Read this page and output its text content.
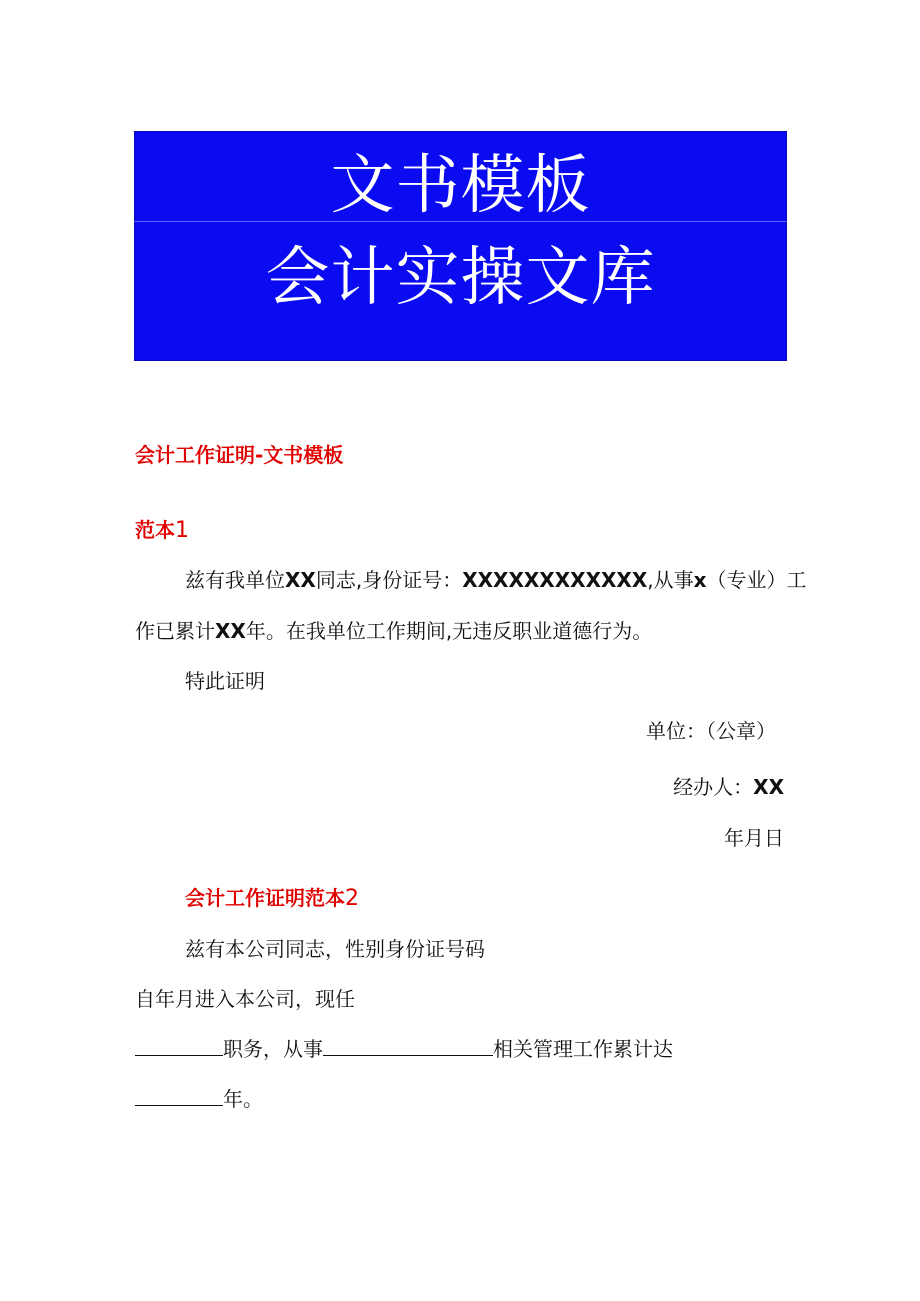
文书模板
会计实操文库
会计工作证明-文书模板
范本1
兹有我单位XX同志,身份证号：XXXXXXXXXXXX,从事x（专业）工
作已累计XX年。在我单位工作期间,无违反职业道德行为。
特此证明
单位：（公章）
经办人：XX
年月日
会计工作证明范本2
兹有本公司同志，性别身份证号码
自年月进入本公司，现任
职务，从事	相关管理工作累计达
年。
